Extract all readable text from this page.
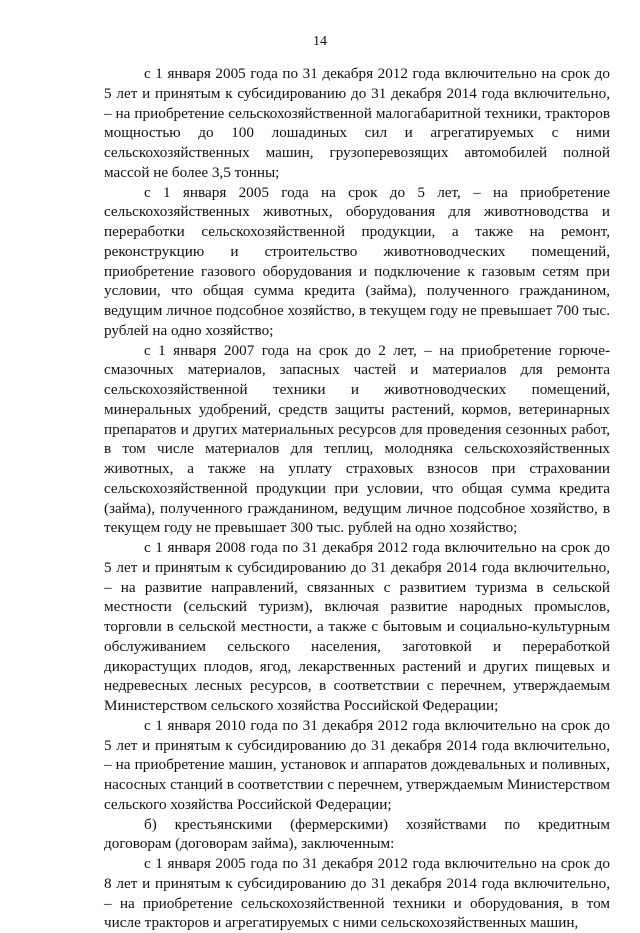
14

с 1 января 2005 года по 31 декабря 2012 года включительно на срок до 5 лет и принятым к субсидированию до 31 декабря 2014 года включительно, – на приобретение сельскохозяйственной малогабаритной техники, тракторов мощностью до 100 лошадиных сил и агрегатируемых с ними сельскохозяйственных машин, грузоперевозящих автомобилей полной массой не более 3,5 тонны;

с 1 января 2005 года на срок до 5 лет, – на приобретение сельскохозяйственных животных, оборудования для животноводства и переработки сельскохозяйственной продукции, а также на ремонт, реконструкцию и строительство животноводческих помещений, приобретение газового оборудования и подключение к газовым сетям при условии, что общая сумма кредита (займа), полученного гражданином, ведущим личное подсобное хозяйство, в текущем году не превышает 700 тыс. рублей на одно хозяйство;

с 1 января 2007 года на срок до 2 лет, – на приобретение горюче-смазочных материалов, запасных частей и материалов для ремонта сельскохозяйственной техники и животноводческих помещений, минеральных удобрений, средств защиты растений, кормов, ветеринарных препаратов и других материальных ресурсов для проведения сезонных работ, в том числе материалов для теплиц, молодняка сельскохозяйственных животных, а также на уплату страховых взносов при страховании сельскохозяйственной продукции при условии, что общая сумма кредита (займа), полученного гражданином, ведущим личное подсобное хозяйство, в текущем году не превышает 300 тыс. рублей на одно хозяйство;

с 1 января 2008 года по 31 декабря 2012 года включительно на срок до 5 лет и принятым к субсидированию до 31 декабря 2014 года включительно, – на развитие направлений, связанных с развитием туризма в сельской местности (сельский туризм), включая развитие народных промыслов, торговли в сельской местности, а также с бытовым и социально-культурным обслуживанием сельского населения, заготовкой и переработкой дикорастущих плодов, ягод, лекарственных растений и других пищевых и недревесных лесных ресурсов, в соответствии с перечнем, утверждаемым Министерством сельского хозяйства Российской Федерации;

с 1 января 2010 года по 31 декабря 2012 года включительно на срок до 5 лет и принятым к субсидированию до 31 декабря 2014 года включительно, – на приобретение машин, установок и аппаратов дождевальных и поливных, насосных станций в соответствии с перечнем, утверждаемым Министерством сельского хозяйства Российской Федерации;

б) крестьянскими (фермерскими) хозяйствами по кредитным договорам (договорам займа), заключенным:

с 1 января 2005 года по 31 декабря 2012 года включительно на срок до 8 лет и принятым к субсидированию до 31 декабря 2014 года включительно, – на приобретение сельскохозяйственной техники и оборудования, в том числе тракторов и агрегатируемых с ними сельскохозяйственных машин,
